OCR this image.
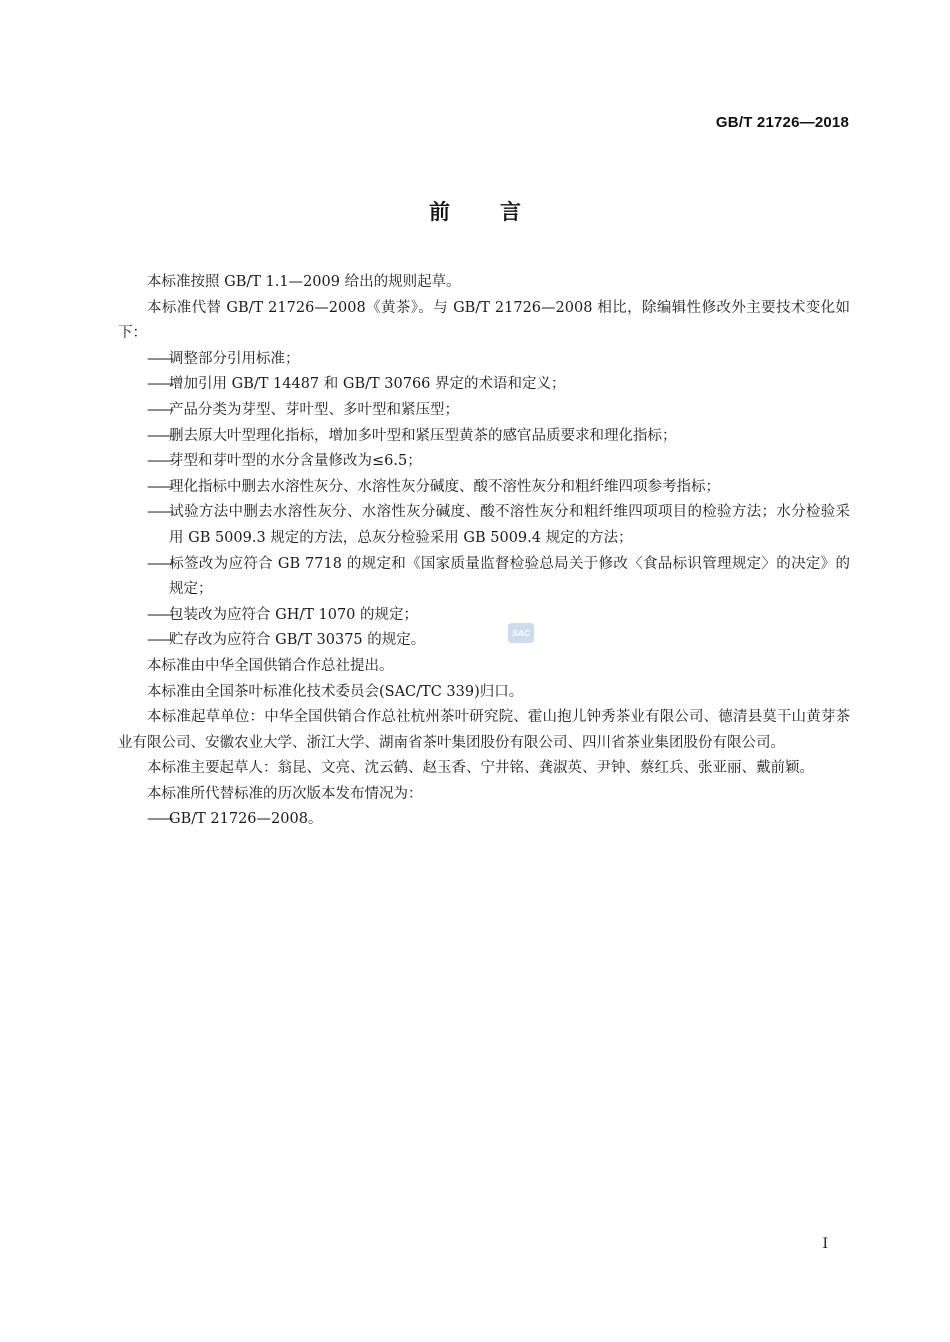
GB/T 21726—2018
前言

本标准按照 GB/T 1.1—2009 给出的规则起草。

本标准代替 GB/T 21726—2008《黄茶》。与 GB/T 21726—2008 相比，除编辑性修改外主要技术变化如下：

——调整部分引用标准；

——增加引用 GB/T 14487 和 GB/T 30766 界定的术语和定义；

——产品分类为芽型、芽叶型、多叶型和紧压型；

——删去原大叶型理化指标，增加多叶型和紧压型黄茶的感官品质要求和理化指标；

——芽型和芽叶型的水分含量修改为≤6.5；

——理化指标中删去水溶性灰分、水溶性灰分碱度、酸不溶性灰分和粗纤维四项参考指标；

——试验方法中删去水溶性灰分、水溶性灰分碱度、酸不溶性灰分和粗纤维四项项目的检验方法；水分检验采用 GB 5009.3 规定的方法，总灰分检验采用 GB 5009.4 规定的方法；

——标签改为应符合 GB 7718 的规定和《国家质量监督检验总局关于修改〈食品标识管理规定〉的决定》的规定；

——包装改为应符合 GH/T 1070 的规定；

——贮存改为应符合 GB/T 30375 的规定。

本标准由中华全国供销合作总社提出。

本标准由全国茶叶标准化技术委员会(SAC/TC 339)归口。

本标准起草单位：中华全国供销合作总社杭州茶叶研究院、霍山抱儿钟秀茶业有限公司、德清县莫干山黄芽茶业有限公司、安徽农业大学、浙江大学、湖南省茶叶集团股份有限公司、四川省茶业集团股份有限公司。

本标准主要起草人：翁昆、文亮、沈云鹤、赵玉香、宁井铭、龚淑英、尹钟、蔡红兵、张亚丽、戴前颖。

本标准所代替标准的历次版本发布情况为：

——GB/T 21726—2008。

SAC
I
